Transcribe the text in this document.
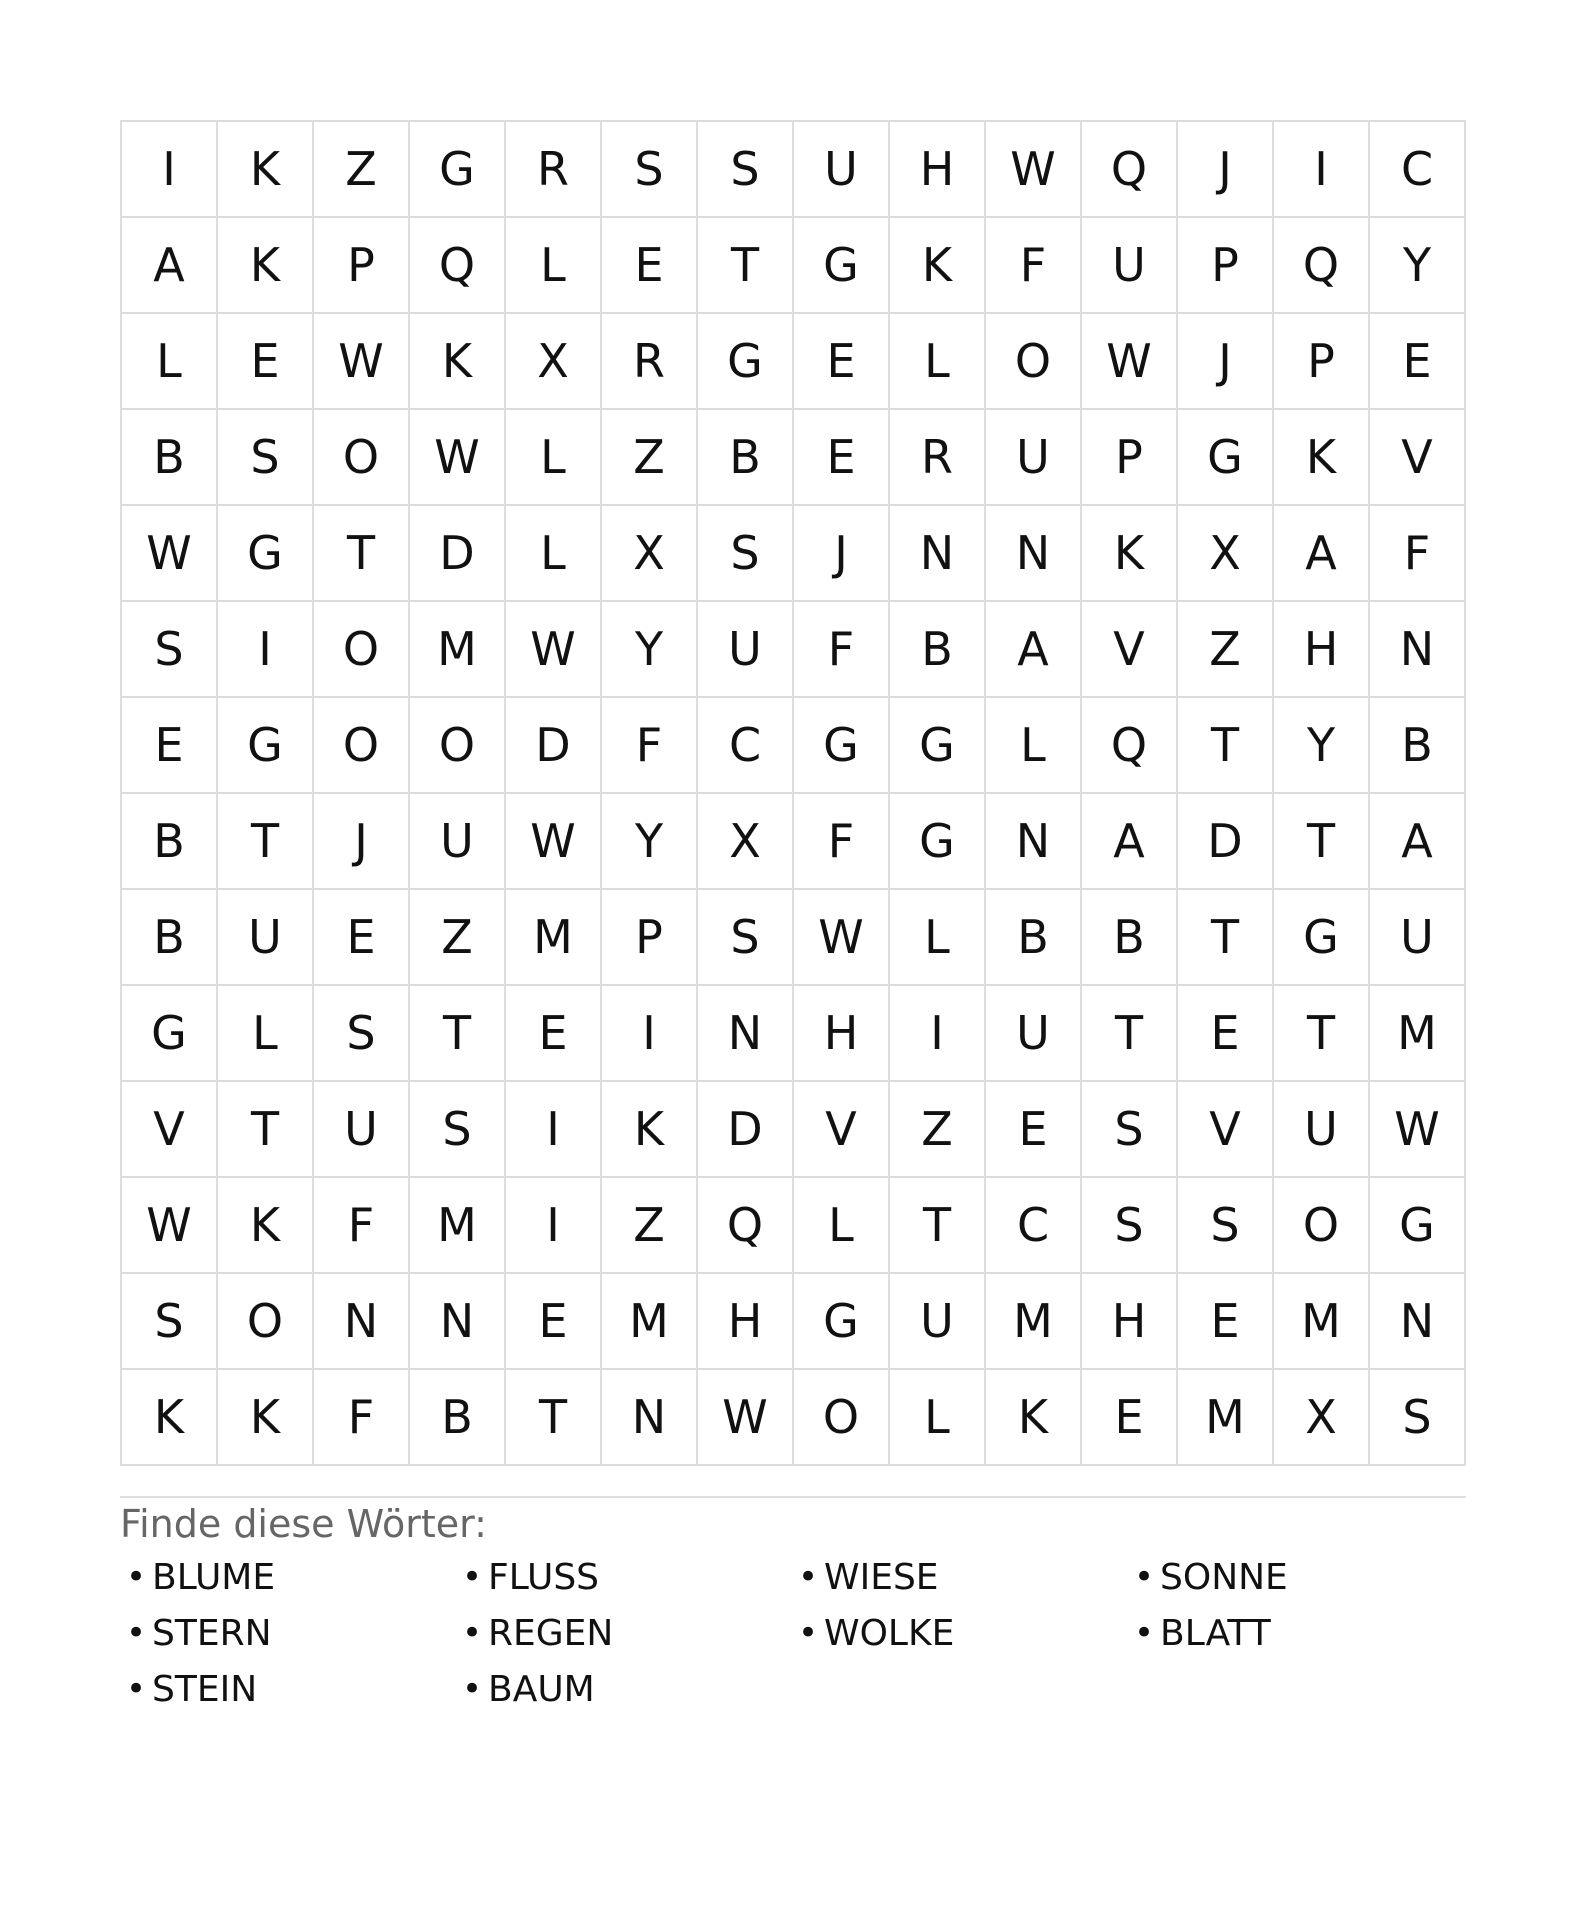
I	K	Z	G	R	S	S	U	H	W	Q	J	I	C
A	K	P	Q	L	E	T	G	K	F	U	P	Q	Y
L	E	W	K	X	R	G	E	L	O	W	J	P	E
B	S	O	W	L	Z	B	E	R	U	P	G	K	V
W	G	T	D	L	X	S	J	N	N	K	X	A	F
S	I	O	M	W	Y	U	F	B	A	V	Z	H	N
E	G	O	O	D	F	C	G	G	L	Q	T	Y	B
B	T	J	U	W	Y	X	F	G	N	A	D	T	A
B	U	E	Z	M	P	S	W	L	B	B	T	G	U
G	L	S	T	E	I	N	H	I	U	T	E	T	M
V	T	U	S	I	K	D	V	Z	E	S	V	U	W
W	K	F	M	I	Z	Q	L	T	C	S	S	O	G
S	O	N	N	E	M	H	G	U	M	H	E	M	N
K	K	F	B	T	N	W	O	L	K	E	M	X	S
Finde diese Wörter:
• BLUME	• FLUSS	• WIESE	• SONNE
• STERN	• REGEN	• WOLKE	• BLATT
• STEIN	• BAUM
